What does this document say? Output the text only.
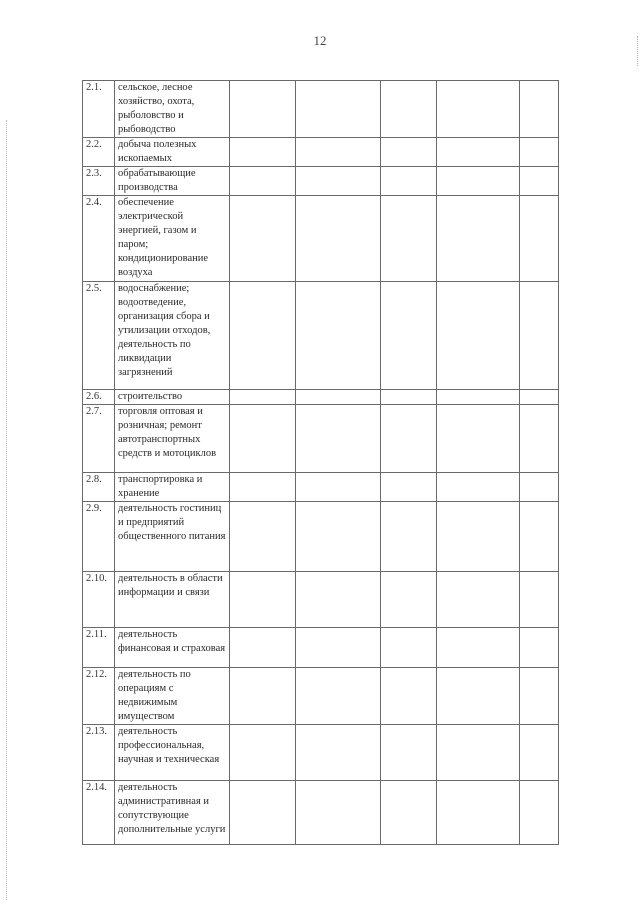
12
2.1.	сельское, лесное хозяйство, охота, рыболовство и рыбоводство					
2.2.	добыча полезных ископаемых					
2.3.	обрабатывающие производства					
2.4.	обеспечение электрической энергией, газом и паром; кондиционирование воздуха					
2.5.	водоснабжение; водоотведение, организация сбора и утилизации отходов, деятельность по ликвидации загрязнений					
2.6.	строительство					
2.7.	торговля оптовая и розничная; ремонт автотранспортных средств и мотоциклов					
2.8.	транспортировка и хранение					
2.9.	деятельность гостиниц и предприятий общественного питания					
2.10.	деятельность в области информации и связи					
2.11.	деятельность финансовая и страховая					
2.12.	деятельность по операциям с недвижимым имуществом					
2.13.	деятельность профессиональная, научная и техническая					
2.14.	деятельность административная и сопутствующие дополнительные услуги					
